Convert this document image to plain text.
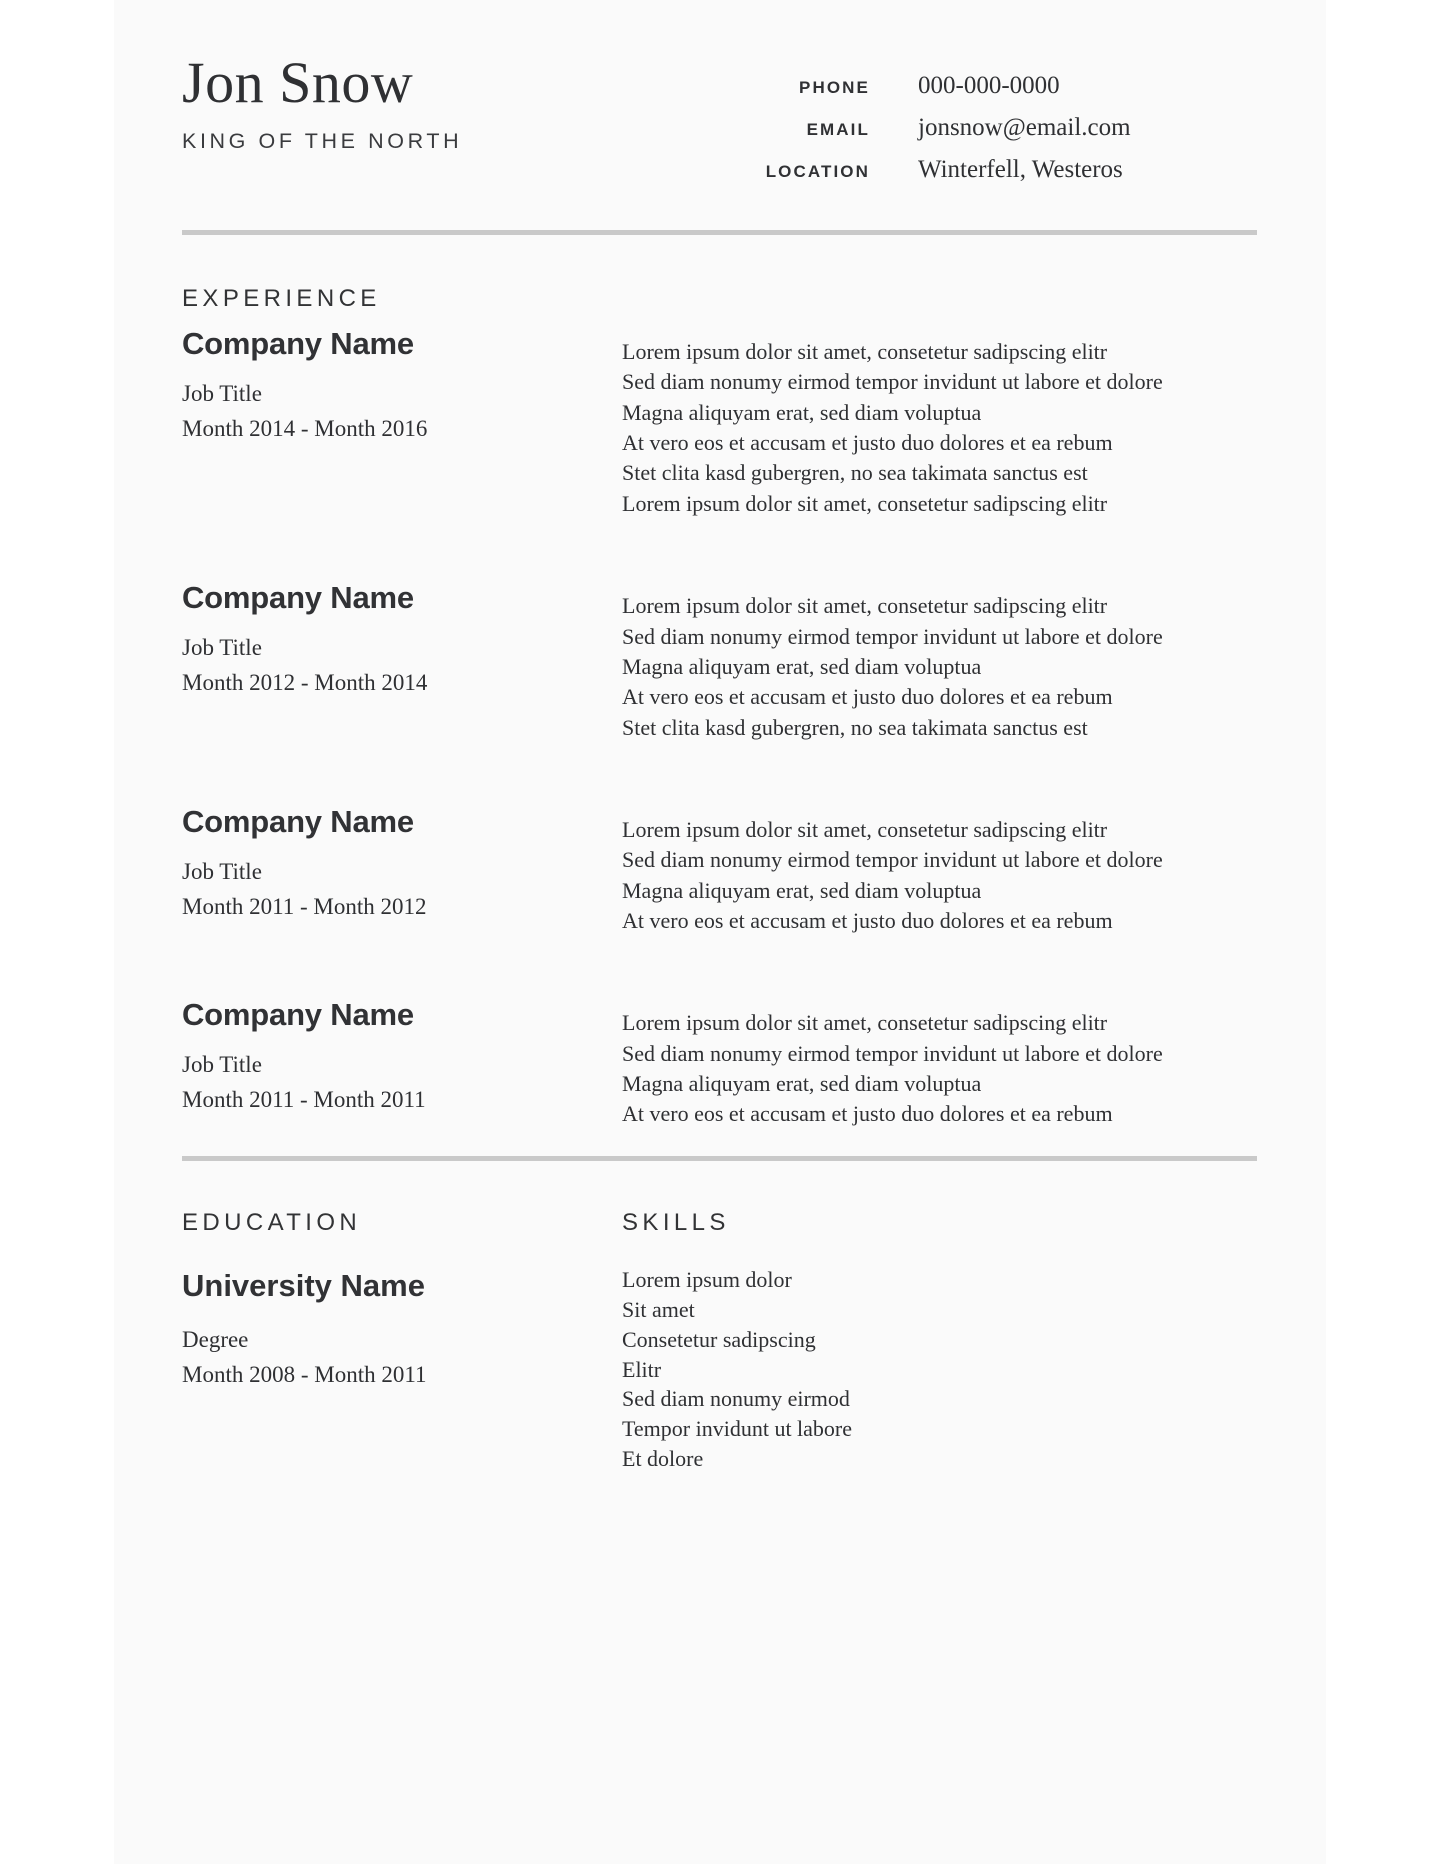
Jon Snow
KING OF THE NORTH
PHONE 000-000-0000
EMAIL jonsnow@email.com
LOCATION Winterfell, Westeros
EXPERIENCE
Company Name
Job Title
Month 2014 - Month 2016
Lorem ipsum dolor sit amet, consetetur sadipscing elitr
Sed diam nonumy eirmod tempor invidunt ut labore et dolore
Magna aliquyam erat, sed diam voluptua
At vero eos et accusam et justo duo dolores et ea rebum
Stet clita kasd gubergren, no sea takimata sanctus est
Lorem ipsum dolor sit amet, consetetur sadipscing elitr
Company Name
Job Title
Month 2012 - Month 2014
Lorem ipsum dolor sit amet, consetetur sadipscing elitr
Sed diam nonumy eirmod tempor invidunt ut labore et dolore
Magna aliquyam erat, sed diam voluptua
At vero eos et accusam et justo duo dolores et ea rebum
Stet clita kasd gubergren, no sea takimata sanctus est
Company Name
Job Title
Month 2011 - Month 2012
Lorem ipsum dolor sit amet, consetetur sadipscing elitr
Sed diam nonumy eirmod tempor invidunt ut labore et dolore
Magna aliquyam erat, sed diam voluptua
At vero eos et accusam et justo duo dolores et ea rebum
Company Name
Job Title
Month 2011 - Month 2011
Lorem ipsum dolor sit amet, consetetur sadipscing elitr
Sed diam nonumy eirmod tempor invidunt ut labore et dolore
Magna aliquyam erat, sed diam voluptua
At vero eos et accusam et justo duo dolores et ea rebum
EDUCATION
University Name
Degree
Month 2008 - Month 2011
SKILLS
Lorem ipsum dolor
Sit amet
Consetetur sadipscing
Elitr
Sed diam nonumy eirmod
Tempor invidunt ut labore
Et dolore
